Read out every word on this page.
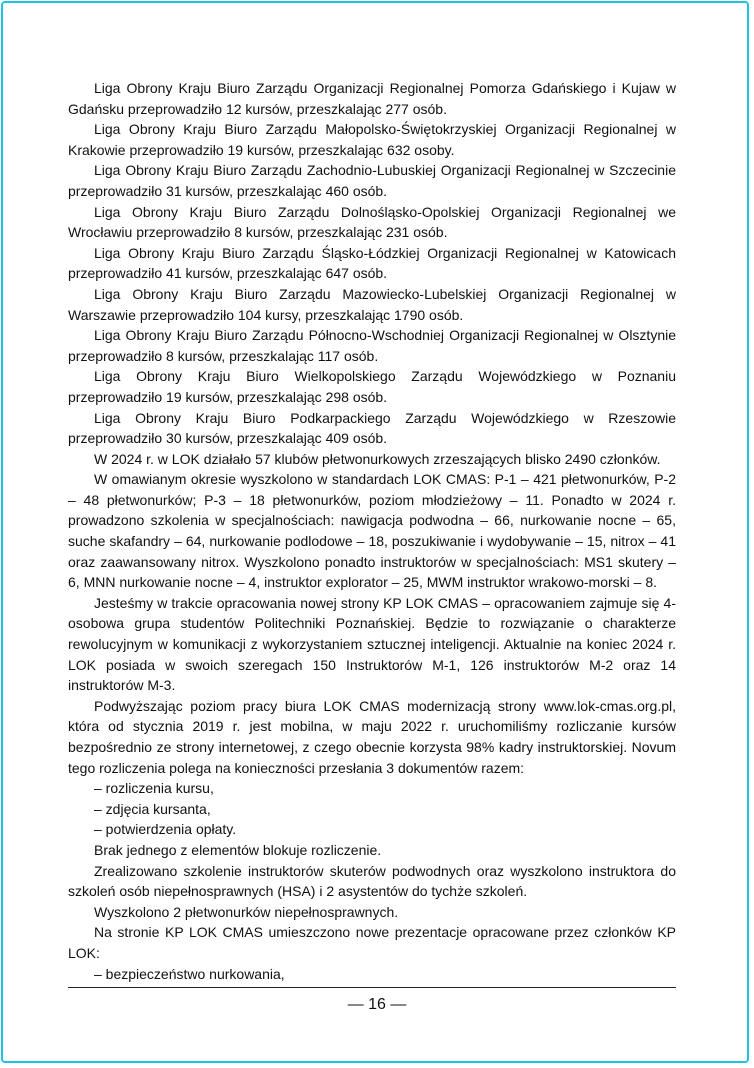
Liga Obrony Kraju Biuro Zarządu Organizacji Regionalnej Pomorza Gdańskiego i Kujaw w Gdańsku przeprowadziło 12 kursów, przeszkalając 277 osób.

Liga Obrony Kraju Biuro Zarządu Małopolsko-Świętokrzyskiej Organizacji Regionalnej w Krakowie przeprowadziło 19 kursów, przeszkalając 632 osoby.

Liga Obrony Kraju Biuro Zarządu Zachodnio-Lubuskiej Organizacji Regionalnej w Szczecinie przeprowadziło 31 kursów, przeszkalając 460 osób.

Liga Obrony Kraju Biuro Zarządu Dolnośląsko-Opolskiej Organizacji Regionalnej we Wrocławiu przeprowadziło 8 kursów, przeszkalając 231 osób.

Liga Obrony Kraju Biuro Zarządu Śląsko-Łódzkiej Organizacji Regionalnej w Katowicach przeprowadziło 41 kursów, przeszkalając 647 osób.

Liga Obrony Kraju Biuro Zarządu Mazowiecko-Lubelskiej Organizacji Regionalnej w Warszawie przeprowadziło 104 kursy, przeszkalając 1790 osób.

Liga Obrony Kraju Biuro Zarządu Północno-Wschodniej Organizacji Regionalnej w Olsztynie przeprowadziło 8 kursów, przeszkalając 117 osób.

Liga Obrony Kraju Biuro Wielkopolskiego Zarządu Wojewódzkiego w Poznaniu przeprowadziło 19 kursów, przeszkalając 298 osób.

Liga Obrony Kraju Biuro Podkarpackiego Zarządu Wojewódzkiego w Rzeszowie przeprowadziło 30 kursów, przeszkalając 409 osób.

W 2024 r. w LOK działało 57 klubów płetwonurkowych zrzeszających blisko 2490 członków.

W omawianym okresie wyszkolono w standardach LOK CMAS: P-1 – 421 płetwonurków, P-2 – 48 płetwonurków; P-3 – 18 płetwonurków, poziom młodzieżowy – 11. Ponadto w 2024 r. prowadzono szkolenia w specjalnościach: nawigacja podwodna – 66, nurkowanie nocne – 65, suche skafandry – 64, nurkowanie podlodowe – 18, poszukiwanie i wydobywanie – 15, nitrox – 41 oraz zaawansowany nitrox. Wyszkolono ponadto instruktorów w specjalnościach: MS1 skutery – 6, MNN nurkowanie nocne – 4, instruktor explorator – 25, MWM instruktor wrakowo-morski – 8.

Jesteśmy w trakcie opracowania nowej strony KP LOK CMAS – opracowaniem zajmuje się 4-osobowa grupa studentów Politechniki Poznańskiej. Będzie to rozwiązanie o charakterze rewolucyjnym w komunikacji z wykorzystaniem sztucznej inteligencji. Aktualnie na koniec 2024 r. LOK posiada w swoich szeregach 150 Instruktorów M-1, 126 instruktorów M-2 oraz 14 instruktorów M-3.

Podwyższając poziom pracy biura LOK CMAS modernizacją strony www.lok-cmas.org.pl, która od stycznia 2019 r. jest mobilna, w maju 2022 r. uruchomiliśmy rozliczanie kursów bezpośrednio ze strony internetowej, z czego obecnie korzysta 98% kadry instruktorskiej. Novum tego rozliczenia polega na konieczności przesłania 3 dokumentów razem:

– rozliczenia kursu,

– zdjęcia kursanta,

– potwierdzenia opłaty.

Brak jednego z elementów blokuje rozliczenie.

Zrealizowano szkolenie instruktorów skuterów podwodnych oraz wyszkolono instruktora do szkoleń osób niepełnosprawnych (HSA) i 2 asystentów do tychże szkoleń.

Wyszkolono 2 płetwonurków niepełnosprawnych.

Na stronie KP LOK CMAS umieszczono nowe prezentacje opracowane przez członków KP LOK:

– bezpieczeństwo nurkowania,

— 16 —
